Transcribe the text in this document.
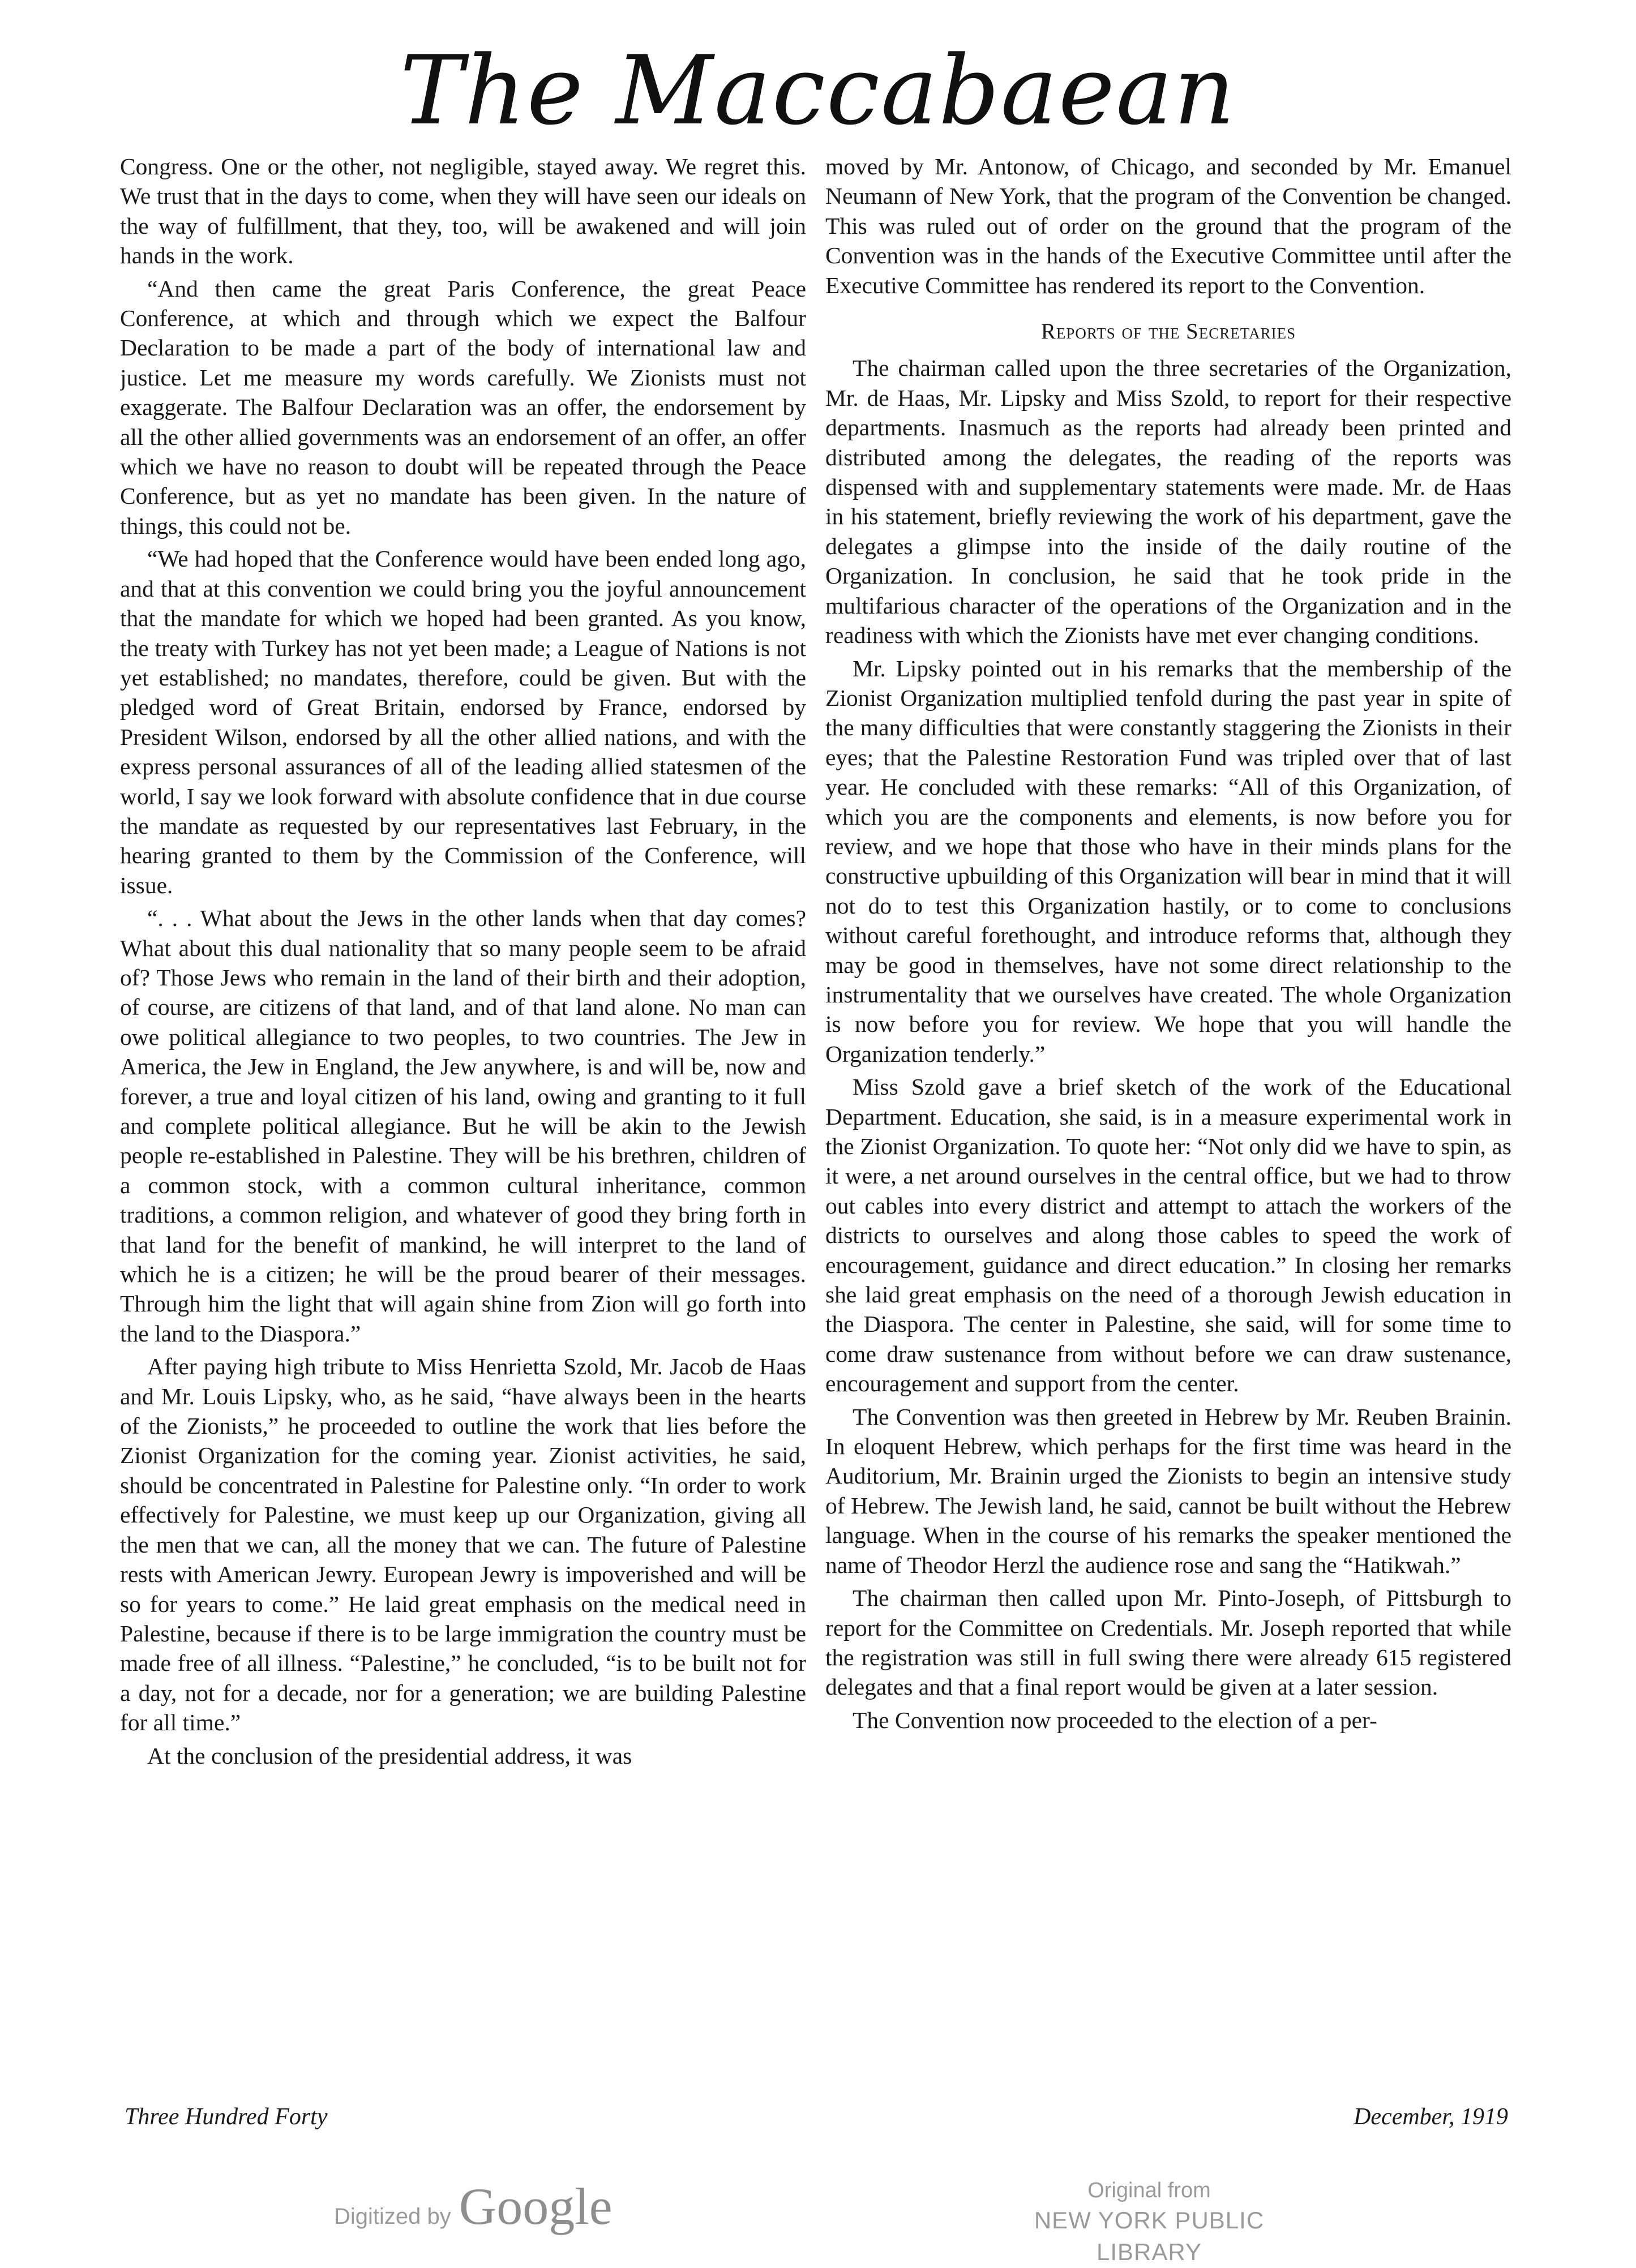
The Maccabaean

Congress. One or the other, not negligible, stayed away. We regret this. We trust that in the days to come, when they will have seen our ideals on the way of fulfillment, that they, too, will be awakened and will join hands in the work.

“And then came the great Paris Conference, the great Peace Conference, at which and through which we expect the Balfour Declaration to be made a part of the body of international law and justice. Let me measure my words carefully. We Zionists must not exaggerate. The Balfour Declaration was an offer, the endorsement by all the other allied governments was an endorsement of an offer, an offer which we have no reason to doubt will be repeated through the Peace Conference, but as yet no mandate has been given. In the nature of things, this could not be.

“We had hoped that the Conference would have been ended long ago, and that at this convention we could bring you the joyful announcement that the mandate for which we hoped had been granted. As you know, the treaty with Turkey has not yet been made; a League of Nations is not yet established; no mandates, therefore, could be given. But with the pledged word of Great Britain, endorsed by France, endorsed by President Wilson, endorsed by all the other allied nations, and with the express personal assurances of all of the leading allied statesmen of the world, I say we look forward with absolute confidence that in due course the mandate as requested by our representatives last February, in the hearing granted to them by the Commission of the Conference, will issue.

“. . . What about the Jews in the other lands when that day comes? What about this dual nationality that so many people seem to be afraid of? Those Jews who remain in the land of their birth and their adoption, of course, are citizens of that land, and of that land alone. No man can owe political allegiance to two peoples, to two countries. The Jew in America, the Jew in England, the Jew anywhere, is and will be, now and forever, a true and loyal citizen of his land, owing and granting to it full and complete political allegiance. But he will be akin to the Jewish people re-established in Palestine. They will be his brethren, children of a common stock, with a common cultural inheritance, common traditions, a common religion, and whatever of good they bring forth in that land for the benefit of mankind, he will interpret to the land of which he is a citizen; he will be the proud bearer of their messages. Through him the light that will again shine from Zion will go forth into the land to the Diaspora.”

After paying high tribute to Miss Henrietta Szold, Mr. Jacob de Haas and Mr. Louis Lipsky, who, as he said, “have always been in the hearts of the Zionists,” he proceeded to outline the work that lies before the Zionist Organization for the coming year. Zionist activities, he said, should be concentrated in Palestine for Palestine only. “In order to work effectively for Palestine, we must keep up our Organization, giving all the men that we can, all the money that we can. The future of Palestine rests with American Jewry. European Jewry is impoverished and will be so for years to come.” He laid great emphasis on the medical need in Palestine, because if there is to be large immigration the country must be made free of all illness. “Palestine,” he concluded, “is to be built not for a day, not for a decade, nor for a generation; we are building Palestine for all time.”

At the conclusion of the presidential address, it was

moved by Mr. Antonow, of Chicago, and seconded by Mr. Emanuel Neumann of New York, that the program of the Convention be changed. This was ruled out of order on the ground that the program of the Convention was in the hands of the Executive Committee until after the Executive Committee has rendered its report to the Convention.

Reports of the Secretaries

The chairman called upon the three secretaries of the Organization, Mr. de Haas, Mr. Lipsky and Miss Szold, to report for their respective departments. Inasmuch as the reports had already been printed and distributed among the delegates, the reading of the reports was dispensed with and supplementary statements were made. Mr. de Haas in his statement, briefly reviewing the work of his department, gave the delegates a glimpse into the inside of the daily routine of the Organization. In conclusion, he said that he took pride in the multifarious character of the operations of the Organization and in the readiness with which the Zionists have met ever changing conditions.

Mr. Lipsky pointed out in his remarks that the membership of the Zionist Organization multiplied tenfold during the past year in spite of the many difficulties that were constantly staggering the Zionists in their eyes; that the Palestine Restoration Fund was tripled over that of last year. He concluded with these remarks: “All of this Organization, of which you are the components and elements, is now before you for review, and we hope that those who have in their minds plans for the constructive upbuilding of this Organization will bear in mind that it will not do to test this Organization hastily, or to come to conclusions without careful forethought, and introduce reforms that, although they may be good in themselves, have not some direct relationship to the instrumentality that we ourselves have created. The whole Organization is now before you for review. We hope that you will handle the Organization tenderly.”

Miss Szold gave a brief sketch of the work of the Educational Department. Education, she said, is in a measure experimental work in the Zionist Organization. To quote her: “Not only did we have to spin, as it were, a net around ourselves in the central office, but we had to throw out cables into every district and attempt to attach the workers of the districts to ourselves and along those cables to speed the work of encouragement, guidance and direct education.” In closing her remarks she laid great emphasis on the need of a thorough Jewish education in the Diaspora. The center in Palestine, she said, will for some time to come draw sustenance from without before we can draw sustenance, encouragement and support from the center.

The Convention was then greeted in Hebrew by Mr. Reuben Brainin. In eloquent Hebrew, which perhaps for the first time was heard in the Auditorium, Mr. Brainin urged the Zionists to begin an intensive study of Hebrew. The Jewish land, he said, cannot be built without the Hebrew language. When in the course of his remarks the speaker mentioned the name of Theodor Herzl the audience rose and sang the “Hatikwah.”

The chairman then called upon Mr. Pinto-Joseph, of Pittsburgh to report for the Committee on Credentials. Mr. Joseph reported that while the registration was still in full swing there were already 615 registered delegates and that a final report would be given at a later session.

The Convention now proceeded to the election of a per-

Three Hundred Forty	December, 1919
Digitized by Google	Original from
NEW YORK PUBLIC LIBRARY
